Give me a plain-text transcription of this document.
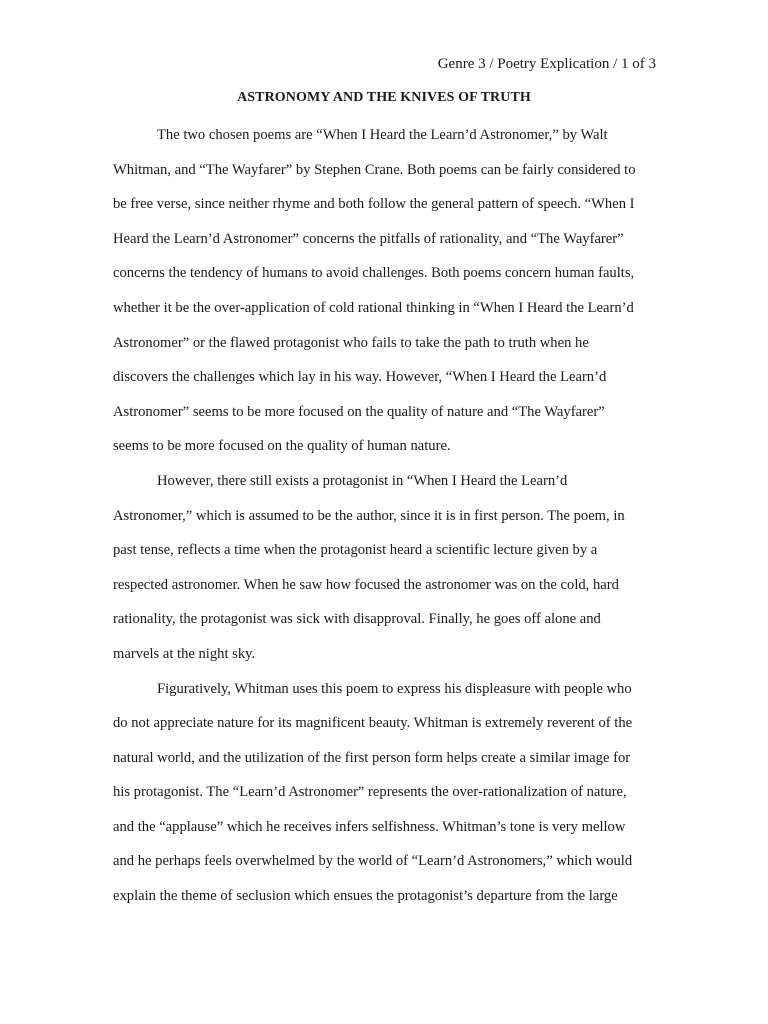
Genre 3 / Poetry Explication / 1 of 3
ASTRONOMY AND THE KNIVES OF TRUTH
The two chosen poems are “When I Heard the Learn’d Astronomer,” by Walt
Whitman, and “The Wayfarer” by Stephen Crane. Both poems can be fairly considered to
be free verse, since neither rhyme and both follow the general pattern of speech. “When I
Heard the Learn’d Astronomer” concerns the pitfalls of rationality, and “The Wayfarer”
concerns the tendency of humans to avoid challenges. Both poems concern human faults,
whether it be the over-application of cold rational thinking in “When I Heard the Learn’d
Astronomer” or the flawed protagonist who fails to take the path to truth when he
discovers the challenges which lay in his way. However, “When I Heard the Learn’d
Astronomer” seems to be more focused on the quality of nature and “The Wayfarer”
seems to be more focused on the quality of human nature.
However, there still exists a protagonist in “When I Heard the Learn’d
Astronomer,” which is assumed to be the author, since it is in first person. The poem, in
past tense, reflects a time when the protagonist heard a scientific lecture given by a
respected astronomer. When he saw how focused the astronomer was on the cold, hard
rationality, the protagonist was sick with disapproval. Finally, he goes off alone and
marvels at the night sky.
Figuratively, Whitman uses this poem to express his displeasure with people who
do not appreciate nature for its magnificent beauty. Whitman is extremely reverent of the
natural world, and the utilization of the first person form helps create a similar image for
his protagonist. The “Learn’d Astronomer” represents the over-rationalization of nature,
and the “applause” which he receives infers selfishness. Whitman’s tone is very mellow
and he perhaps feels overwhelmed by the world of “Learn’d Astronomers,” which would
explain the theme of seclusion which ensues the protagonist’s departure from the large
